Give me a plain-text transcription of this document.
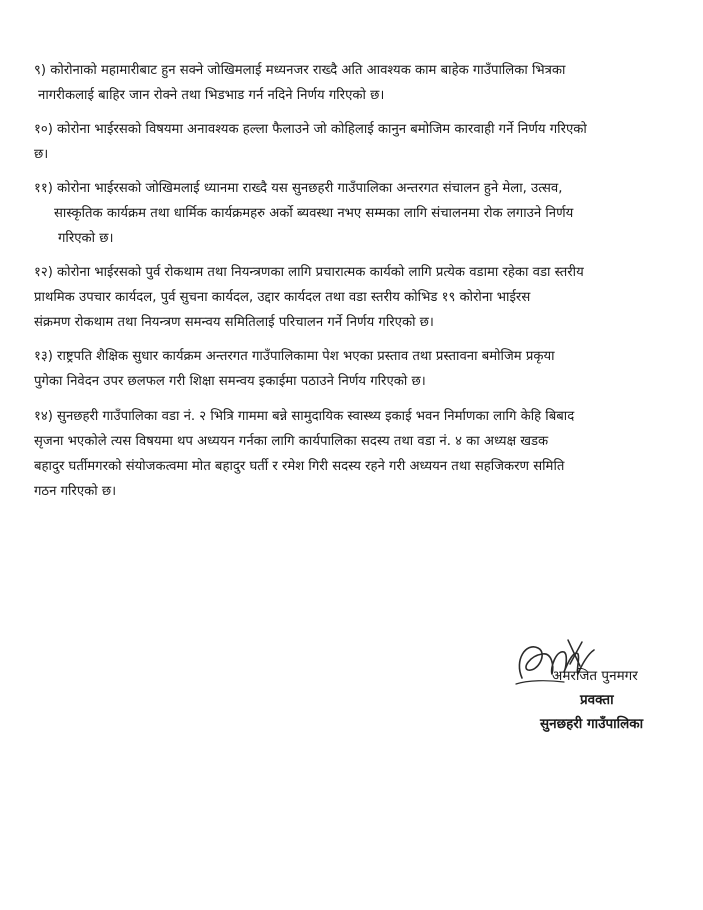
९) कोरोनाको महामारीबाट हुन सक्ने जोखिमलाई मध्यनजर राख्दै अति आवश्यक काम बाहेक गाउँपालिका भित्रका
नागरीकलाई बाहिर जान रोक्ने तथा भिडभाड गर्न नदिने निर्णय गरिएको छ।

१०) कोरोना भाईरसको विषयमा अनावश्यक हल्ला फैलाउने जो कोहिलाई कानुन बमोजिम कारवाही गर्ने निर्णय गरिएको
छ।

११) कोरोना भाईरसको जोखिमलाई ध्यानमा राख्दै यस सुनछहरी गाउँपालिका अन्तरगत संचालन हुने मेला, उत्सव,
सास्कृतिक कार्यक्रम तथा धार्मिक कार्यक्रमहरु अर्को ब्यवस्था नभए सम्मका लागि संचालनमा रोक लगाउने निर्णय
गरिएको छ।

१२) कोरोना भाईरसको पुर्व रोकथाम तथा नियन्त्रणका लागि प्रचारात्मक कार्यको लागि प्रत्येक वडामा रहेका वडा स्तरीय
प्राथमिक उपचार कार्यदल, पुर्व सुचना कार्यदल, उद्दार कार्यदल तथा वडा स्तरीय कोभिड १९ कोरोना भाईरस
संक्रमण रोकथाम तथा नियन्त्रण समन्वय समितिलाई परिचालन गर्ने निर्णय गरिएको छ।

१३) राष्ट्रपति शैक्षिक सुधार कार्यक्रम अन्तरगत गाउँपालिकामा पेश भएका प्रस्ताव तथा प्रस्तावना बमोजिम प्रकृया
पुगेका निवेदन उपर छलफल गरी शिक्षा समन्वय इकाईमा पठाउने निर्णय गरिएको छ।

१४) सुनछहरी गाउँपालिका वडा नं. २ भित्रि गाममा बन्ने सामुदायिक स्वास्थ्य इकाई भवन निर्माणका लागि केहि बिबाद
सृजना भएकोले त्यस विषयमा थप अध्ययन गर्नका लागि कार्यपालिका सदस्य तथा वडा नं. ४ का अध्यक्ष खडक
बहादुर घर्तीमगरको संयोजकत्वमा मोत बहादुर घर्ती र रमेश गिरी सदस्य रहने गरी अध्ययन तथा सहजिकरण समिति
गठन गरिएको छ।

अमरजित पुनमगर
प्रवक्ता
सुनछहरी गाउँपालिका
